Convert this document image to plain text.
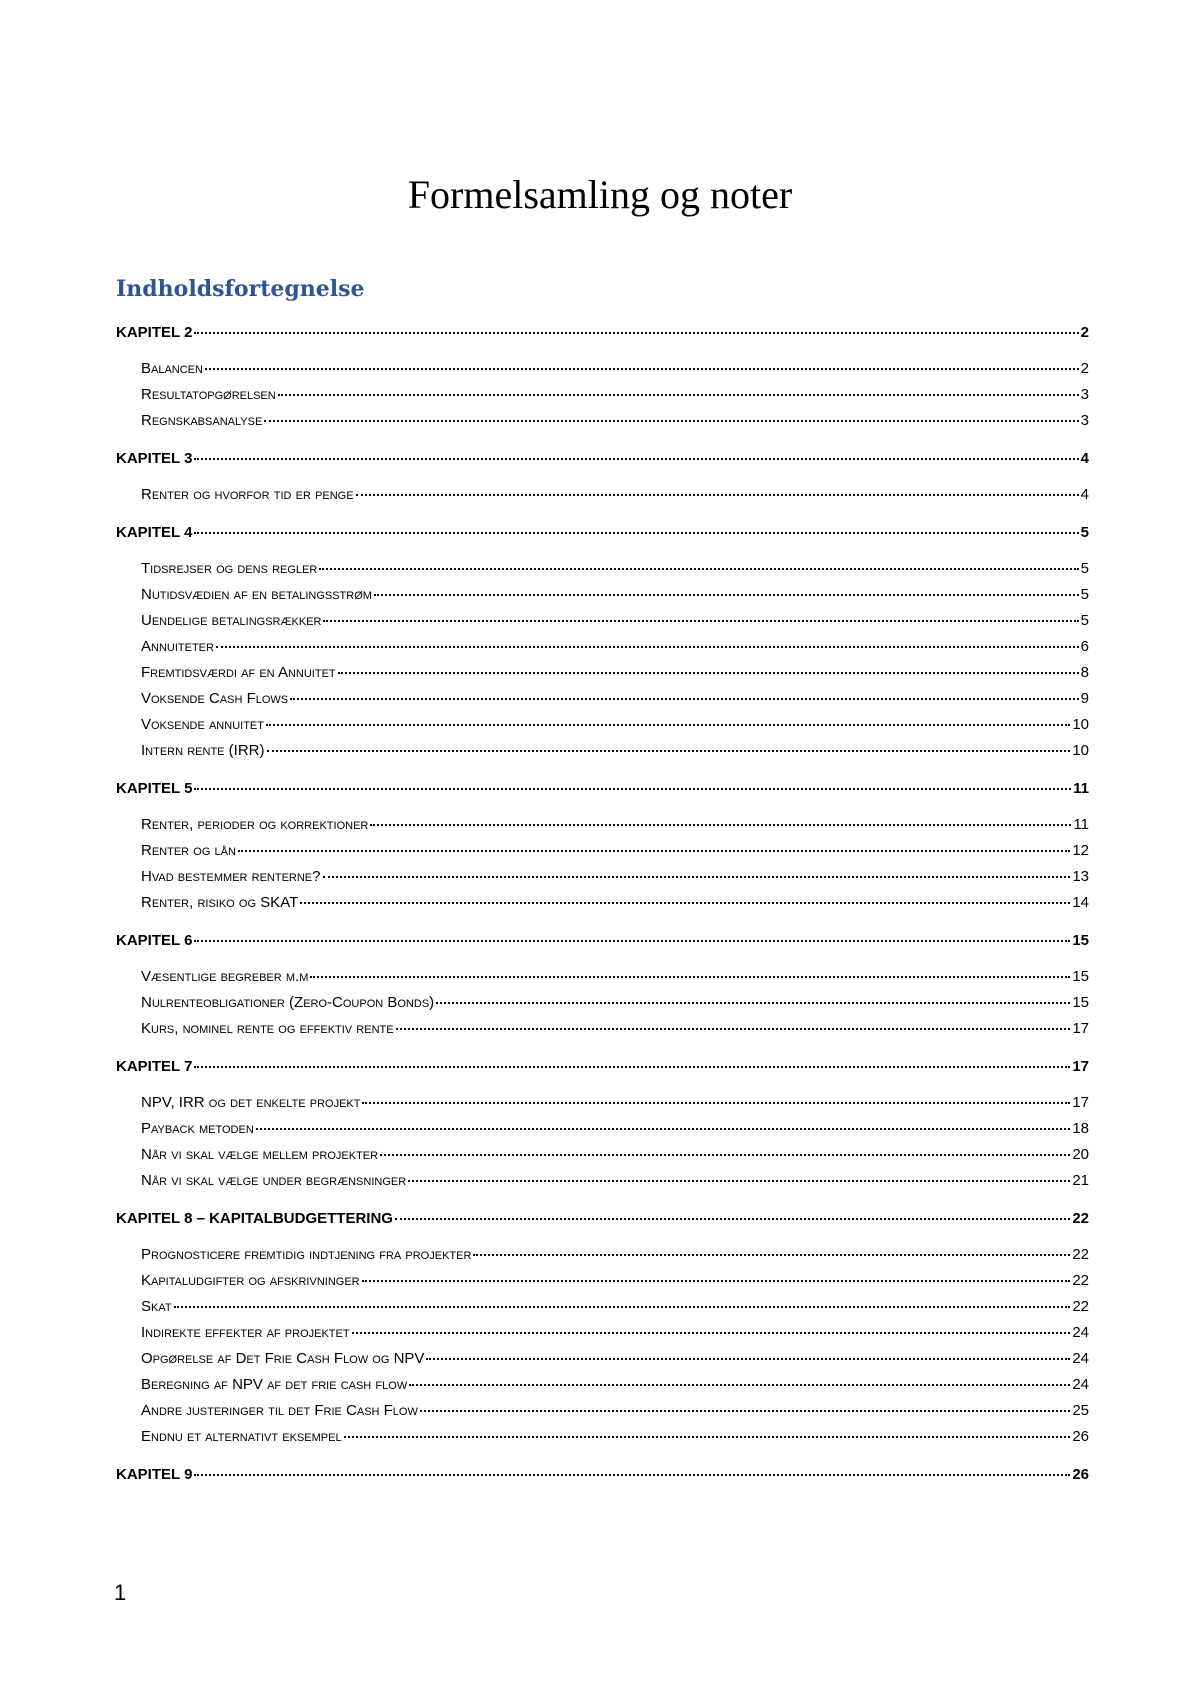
Formelsamling og noter
Indholdsfortegnelse
KAPITEL 2	2
Balancen	2
Resultatopgørelsen	3
Regnskabsanalyse	3
KAPITEL 3	4
Renter og hvorfor tid er penge	4
KAPITEL 4	5
Tidsrejser og dens regler	5
Nutidsvædien af en betalingsstrøm	5
Uendelige betalingsrækker	5
Annuiteter	6
Fremtidsværdi af en Annuitet	8
Voksende Cash Flows	9
Voksende annuitet	10
Intern rente (IRR)	10
KAPITEL 5	11
Renter, perioder og korrektioner	11
Renter og lån	12
Hvad bestemmer renterne?	13
Renter, risiko og SKAT	14
KAPITEL 6	15
Væsentlige begreber m.m	15
Nulrenteobligationer (Zero-Coupon Bonds)	15
Kurs, nominel rente og effektiv rente	17
KAPITEL 7	17
NPV, IRR og det enkelte projekt	17
Payback metoden	18
Når vi skal vælge mellem projekter	20
Når vi skal vælge under begrænsninger	21
KAPITEL 8 – KAPITALBUDGETTERING	22
Prognosticere fremtidig indtjening fra projekter	22
Kapitaludgifter og afskrivninger	22
Skat	22
Indirekte effekter af projektet	24
Opgørelse af Det Frie Cash Flow og NPV	24
Beregning af NPV af det frie cash flow	24
Andre justeringer til det Frie Cash Flow	25
Endnu et alternativt eksempel	26
KAPITEL 9	26
1
